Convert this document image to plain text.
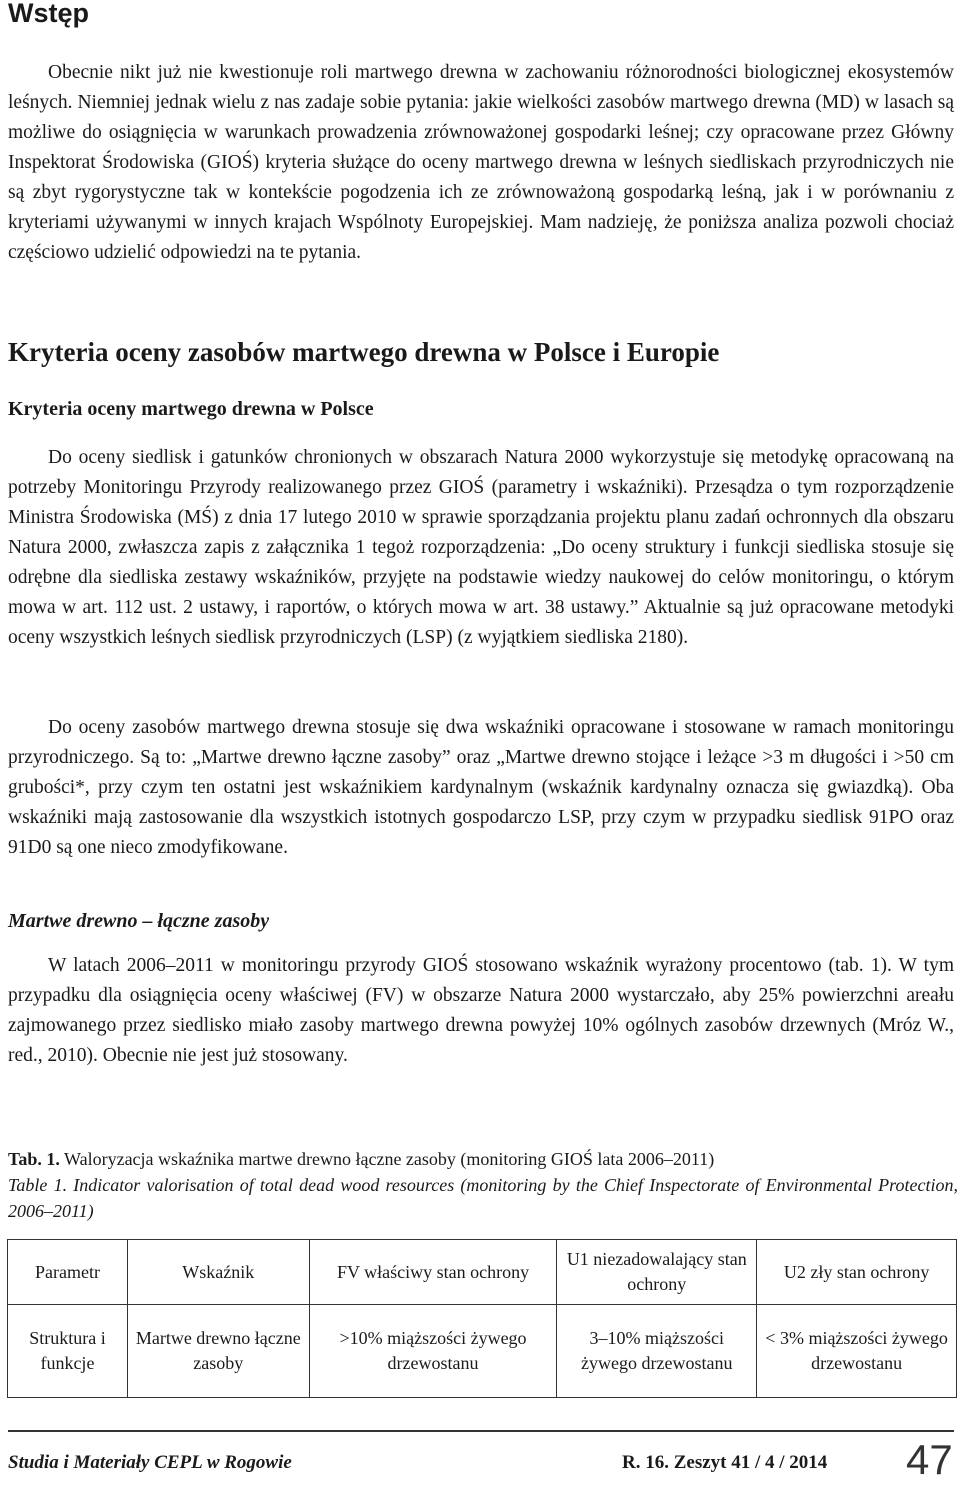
Wstęp

Obecnie nikt już nie kwestionuje roli martwego drewna w zachowaniu różnorodności biologicznej ekosystemów leśnych. Niemniej jednak wielu z nas zadaje sobie pytania: jakie wielkości zasobów martwego drewna (MD) w lasach są możliwe do osiągnięcia w warunkach prowadzenia zrównoważonej gospodarki leśnej; czy opracowane przez Główny Inspektorat Środowiska (GIOŚ) kryteria służące do oceny martwego drewna w leśnych siedliskach przyrodniczych nie są zbyt rygorystyczne tak w kontekście pogodzenia ich ze zrównoważoną gospodarką leśną, jak i w porównaniu z kryteriami używanymi w innych krajach Wspólnoty Europejskiej. Mam nadzieję, że poniższa analiza pozwoli chociaż częściowo udzielić odpowiedzi na te pytania.

Kryteria oceny zasobów martwego drewna w Polsce i Europie
Kryteria oceny martwego drewna w Polsce

Do oceny siedlisk i gatunków chronionych w obszarach Natura 2000 wykorzystuje się metodykę opracowaną na potrzeby Monitoringu Przyrody realizowanego przez GIOŚ (parametry i wskaźniki). Przesądza o tym rozporządzenie Ministra Środowiska (MŚ) z dnia 17 lutego 2010 w sprawie sporządzania projektu planu zadań ochronnych dla obszaru Natura 2000, zwłaszcza zapis z załącznika 1 tegoż rozporządzenia: „Do oceny struktury i funkcji siedliska stosuje się odrębne dla siedliska zestawy wskaźników, przyjęte na podstawie wiedzy naukowej do celów monitoringu, o którym mowa w art. 112 ust. 2 ustawy, i raportów, o których mowa w art. 38 ustawy.” Aktualnie są już opracowane metodyki oceny wszystkich leśnych siedlisk przyrodniczych (LSP) (z wyjątkiem siedliska 2180).

Do oceny zasobów martwego drewna stosuje się dwa wskaźniki opracowane i stosowane w ramach monitoringu przyrodniczego. Są to: „Martwe drewno łączne zasoby” oraz „Martwe drewno stojące i leżące >3 m długości i >50 cm grubości*, przy czym ten ostatni jest wskaźnikiem kardynalnym (wskaźnik kardynalny oznacza się gwiazdką). Oba wskaźniki mają zastosowanie dla wszystkich istotnych gospodarczo LSP, przy czym w przypadku siedlisk 91PO oraz 91D0 są one nieco zmodyfikowane.

Martwe drewno – łączne zasoby

W latach 2006–2011 w monitoringu przyrody GIOŚ stosowano wskaźnik wyrażony procentowo (tab. 1). W tym przypadku dla osiągnięcia oceny właściwej (FV) w obszarze Natura 2000 wystarczało, aby 25% powierzchni areału zajmowanego przez siedlisko miało zasoby martwego drewna powyżej 10% ogólnych zasobów drzewnych (Mróz W., red., 2010). Obecnie nie jest już stosowany.

Tab. 1. Waloryzacja wskaźnika martwe drewno łączne zasoby (monitoring GIOŚ lata 2006–2011)

Table 1. Indicator valorisation of total dead wood resources (monitoring by the Chief Inspectorate of Environmental Protection, 2006–2011)

Parametr	Wskaźnik	FV właściwy stan ochrony	U1 niezadowalający stan ochrony	U2 zły stan ochrony
Struktura i funkcje	Martwe drewno łączne zasoby	>10% miąższości żywego drzewostanu	3–10% miąższości żywego drzewostanu	< 3% miąższości żywego drzewostanu
Studia i Materiały CEPL w Rogowie	R. 16. Zeszyt 41 / 4 / 2014 47
